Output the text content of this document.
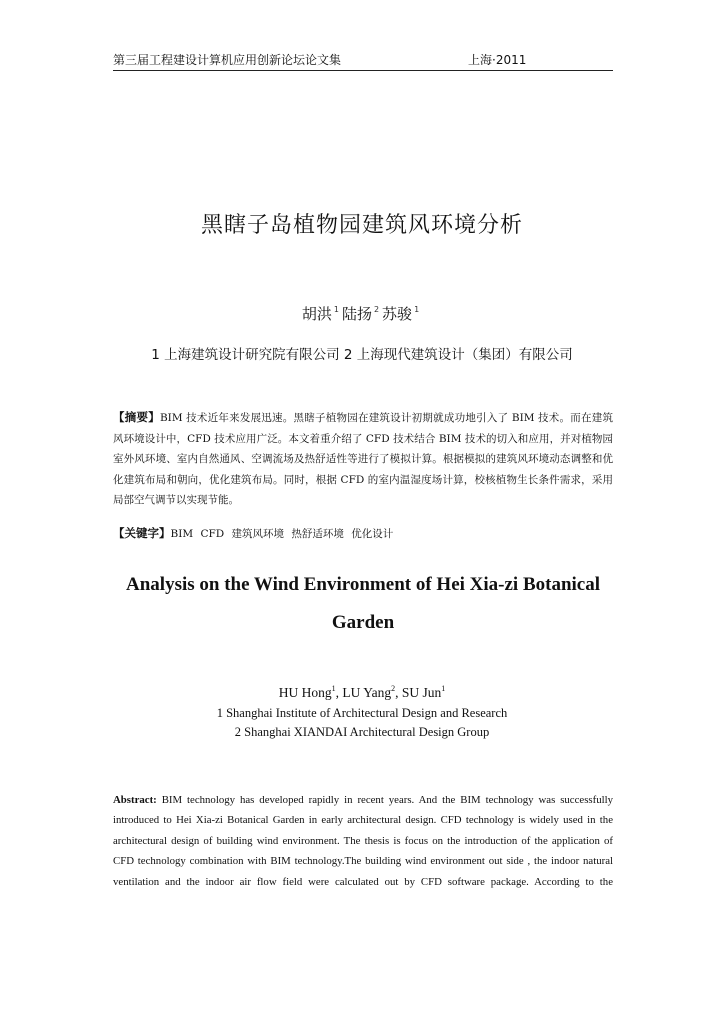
第三届工程建设计算机应用创新论坛论文集	上海·2011
黑瞎子岛植物园建筑风环境分析
胡洪 $^1$ 陆扬 $^2$ 苏骏 $^1$
1 上海建筑设计研究院有限公司 2 上海现代建筑设计（集团）有限公司
【摘要】BIM 技术近年来发展迅速。黑瞎子植物园在建筑设计初期就成功地引入了 BIM 技术。而在建筑风环境设计中，CFD 技术应用广泛。本文着重介绍了 CFD 技术结合 BIM 技术的切入和应用，并对植物园室外风环境、室内自然通风、空调流场及热舒适性等进行了模拟计算。根据模拟的建筑风环境动态调整和优化建筑布局和朝向，优化建筑布局。同时，根据 CFD 的室内温湿度场计算，校核植物生长条件需求，采用局部空气调节以实现节能。
【关键字】BIM CFD 建筑风环境 热舒适环境 优化设计
Analysis on the Wind Environment of Hei Xia-zi Botanical
Garden
HU Hong$^1$, LU Yang$^2$, SU Jun$^1$
1 Shanghai Institute of Architectural Design and Research
2 Shanghai XIANDAI Architectural Design Group
Abstract: BIM technology has developed rapidly in recent years. And the BIM technology was successfully introduced to Hei Xia-zi Botanical Garden in early architectural design. CFD technology is widely used in the architectural design of building wind environment. The thesis is focus on the introduction of the application of CFD technology combination with BIM technology.The building wind environment out side , the indoor natural ventilation and the indoor air flow field were calculated out by CFD software package. According to the
